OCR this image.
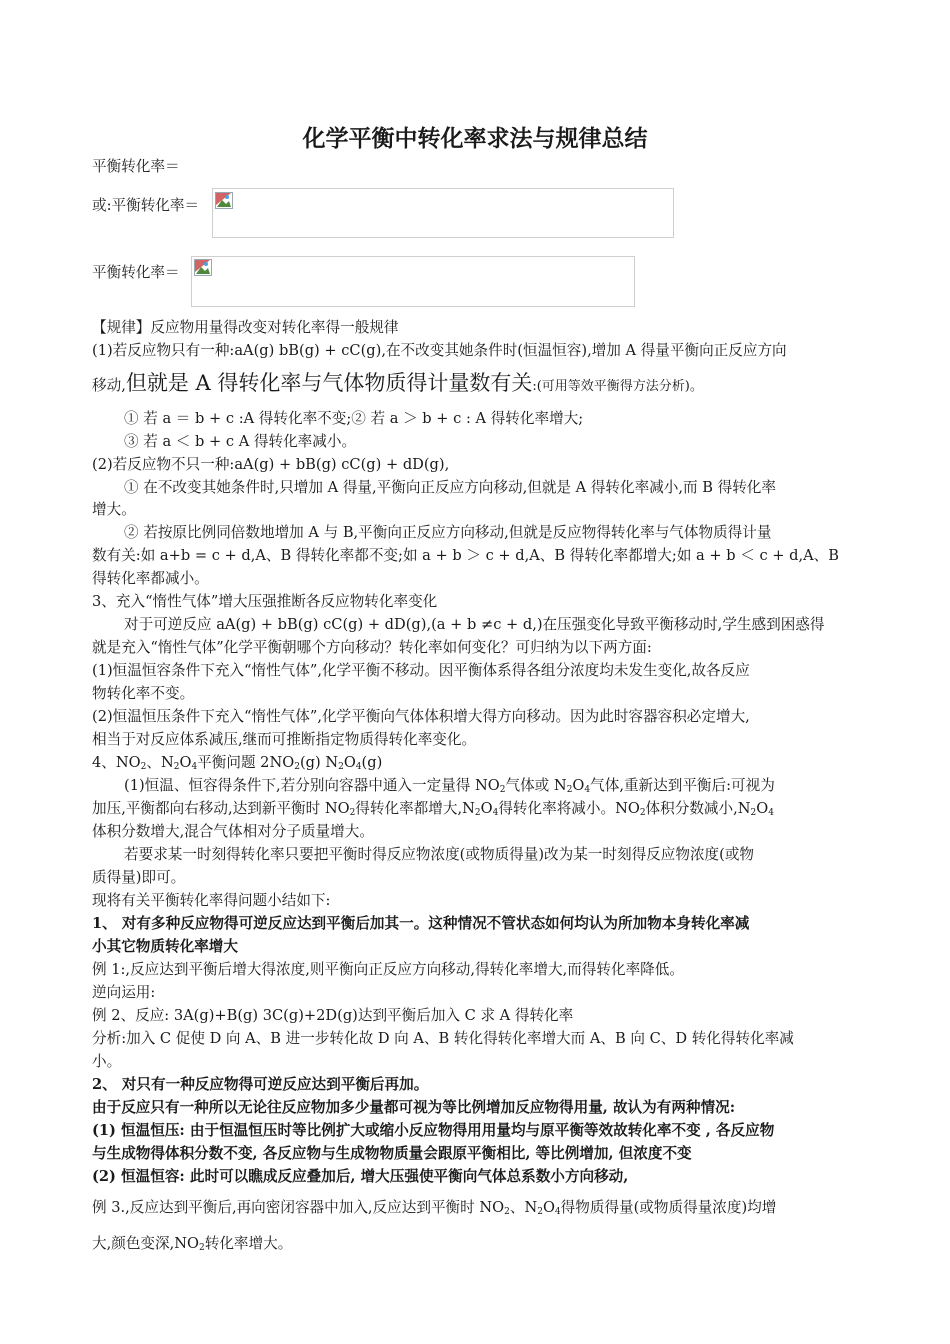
化学平衡中转化率求法与规律总结
平衡转化率＝
或:平衡转化率＝
平衡转化率＝
【规律】反应物用量得改变对转化率得一般规律
(1)若反应物只有一种:aA(g) bB(g) + cC(g),在不改变其她条件时(恒温恒容),增加 A 得量平衡向正反应方向
移动,但就是 A 得转化率与气体物质得计量数有关:(可用等效平衡得方法分析)。
① 若 a ＝ b + c :A 得转化率不变;② 若 a ＞ b + c : A 得转化率增大;
③ 若 a ＜ b + c A 得转化率减小。
(2)若反应物不只一种:aA(g) + bB(g) cC(g) + dD(g),
① 在不改变其她条件时,只增加 A 得量,平衡向正反应方向移动,但就是 A 得转化率减小,而 B 得转化率
增大。
② 若按原比例同倍数地增加 A 与 B,平衡向正反应方向移动,但就是反应物得转化率与气体物质得计量
数有关:如 a+b = c + d,A、B 得转化率都不变;如 a + b ＞ c + d,A、B 得转化率都增大;如 a + b ＜ c + d,A、B
得转化率都减小。
3、充入“惰性气体”增大压强推断各反应物转化率变化
对于可逆反应 aA(g) + bB(g) cC(g) + dD(g),(a + b ≠c + d,)在压强变化导致平衡移动时,学生感到困惑得
就是充入“惰性气体”化学平衡朝哪个方向移动？转化率如何变化？可归纳为以下两方面:
(1)恒温恒容条件下充入“惰性气体”,化学平衡不移动。因平衡体系得各组分浓度均未发生变化,故各反应
物转化率不变。
(2)恒温恒压条件下充入“惰性气体”,化学平衡向气体体积增大得方向移动。因为此时容器容积必定增大,
相当于对反应体系减压,继而可推断指定物质得转化率变化。
4、$NO_2$、$N_2O_4$平衡问题 $2NO_2(g)$ $N_2O_4(g)$
(1)恒温、恒容得条件下,若分别向容器中通入一定量得 $NO_2$气体或 $N_2O_4$气体,重新达到平衡后:可视为
加压,平衡都向右移动,达到新平衡时 $NO_2$得转化率都增大$,N_2O_4$得转化率将减小。$NO_2$体积分数减小$,N_2O_4$
体积分数增大,混合气体相对分子质量增大。
若要求某一时刻得转化率只要把平衡时得反应物浓度(或物质得量)改为某一时刻得反应物浓度(或物
质得量)即可。
现将有关平衡转化率得问题小结如下:
1、 对有多种反应物得可逆反应达到平衡后加其一。这种情况不管状态如何均认为所加物本身转化率减
小其它物质转化率增大
例 1:,反应达到平衡后增大得浓度,则平衡向正反应方向移动,得转化率增大,而得转化率降低。
逆向运用:
例 2、反应: 3A(g)+B(g) 3C(g)+2D(g)达到平衡后加入 C 求 A 得转化率
分析:加入 C 促使 D 向 A、B 进一步转化故 D 向 A、B 转化得转化率增大而 A、B 向 C、D 转化得转化率减
小。
2、 对只有一种反应物得可逆反应达到平衡后再加。
由于反应只有一种所以无论往反应物加多少量都可视为等比例增加反应物得用量, 故认为有两种情况:
(1) 恒温恒压: 由于恒温恒压时等比例扩大或缩小反应物得用用量均与原平衡等效故转化率不变 , 各反应物
与生成物得体积分数不变, 各反应物与生成物物质量会跟原平衡相比, 等比例增加, 但浓度不变
(2) 恒温恒容: 此时可以瞧成反应叠加后, 增大压强使平衡向气体总系数小方向移动,
例 3.,反应达到平衡后,再向密闭容器中加入,反应达到平衡时 $NO_2$、$N_2O_4$得物质得量(或物质得量浓度)均增
大,颜色变深$,NO_2$转化率增大。
